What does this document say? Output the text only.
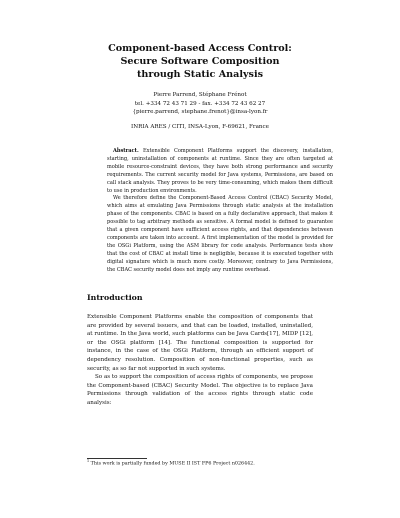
Component-based Access Control:
Secure Software Composition
through Static Analysis
Pierre Parrend, Stéphane Frénot
tel. +334 72 43 71 29 - fax. +334 72 43 62 27
{pierre.parrend, stephane.frenot}@insa-lyon.fr
INRIA ARES / CITI, INSA-Lyon, F-69621, France

Abstract. Extensible Component Platforms support the discovery, installation, starting, uninstallation of components at runtime. Since they are often targeted at mobile resource-constraint devices, they have both strong performance and security requirements. The current security model for Java systems, Permissions, are based on call stack analysis. They proves to be very time-consuming, which makes them difficult to use in production environments.

We therefore define the Component-Based Access Control (CBAC) Security Model, which aims at emulating Java Permissions through static analysis at the installation phase of the components. CBAC is based on a fully declarative approach, that makes it possible to tag arbitrary methods as sensitive. A formal model is defined to guarantee that a given component have sufficient access rights, and that dependencies between components are taken into account. A first implementation of the model is provided for the OSGi Platform, using the ASM library for code analysis. Performance tests show that the cost of CBAC at install time is negligible, because it is executed together with digital signature which is much more costly. Moreover, contrary to Java Permissions, the CBAC security model does not imply any runtime overhead.

Introduction

Extensible Component Platforms enable the composition of components that are provided by several issuers, and that can be loaded, installed, uninstalled, at runtime. In the Java world, such platforms can be Java Cards[17], MIDP [12], or the OSGi platform [14]. The functional composition is supported for instance, in the case of the OSGi Platform, through an efficient support of dependency resolution. Composition of non-functional properties, such as security, as so far not supported in such systems.

So as to support the composition of access rights of components, we propose the Component-based (CBAC) Security Model. The objective is to replace Java Permissions through validation of the access rights through static code analysis:

$^1$ This work is partially funded by MUSE II IST FP6 Project n026442.
